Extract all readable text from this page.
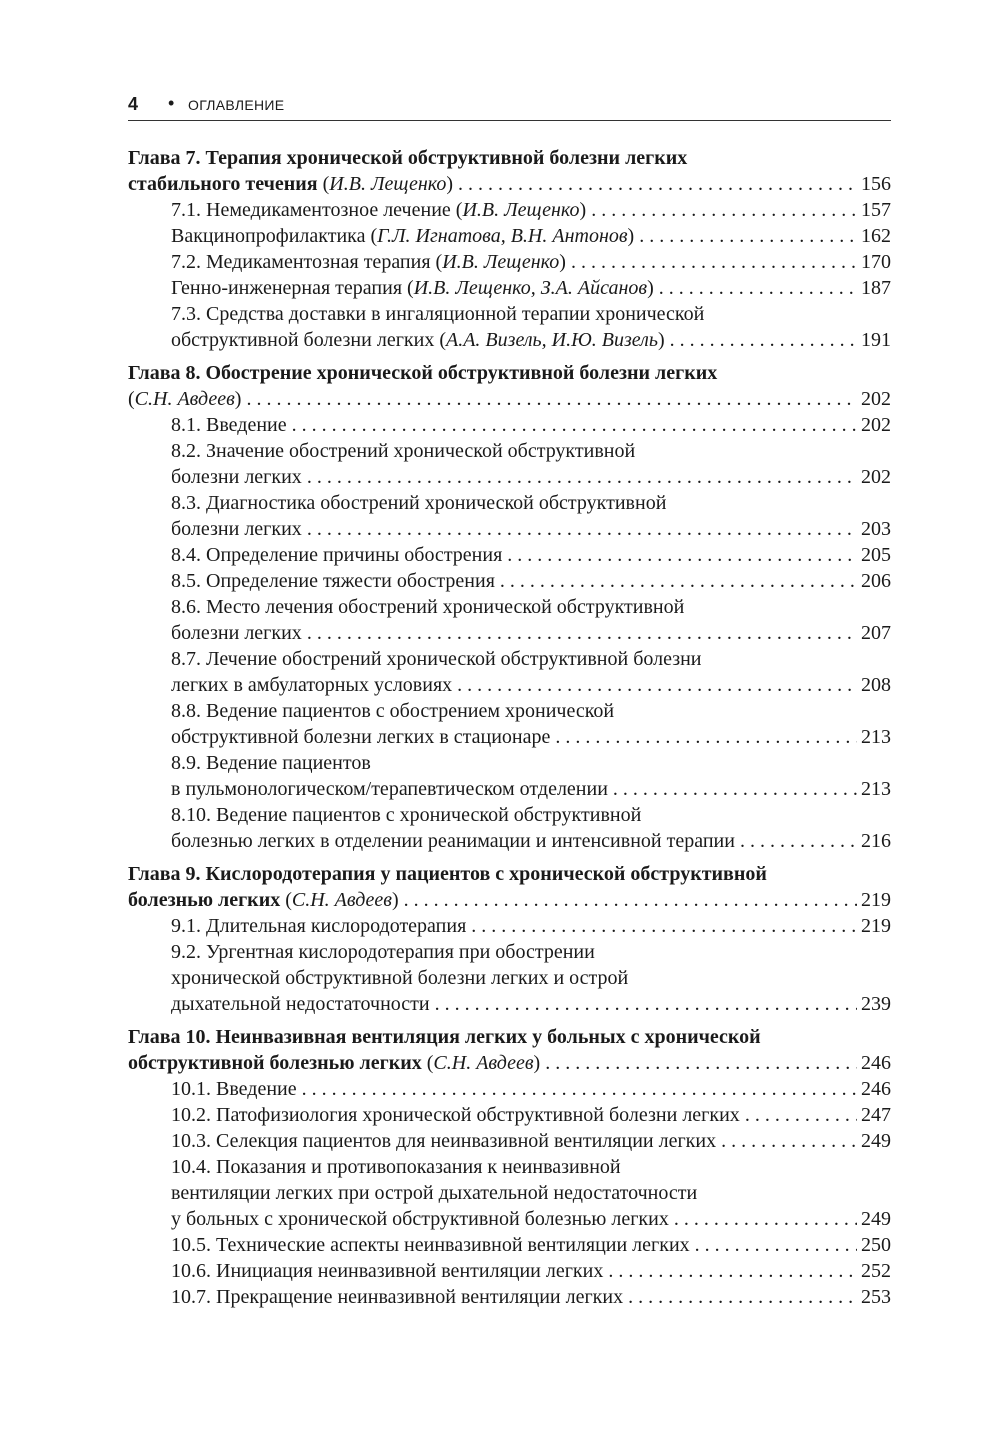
4 • ОГЛАВЛЕНИЕ
Глава 7. Терапия хронической обструктивной болезни легких
стабильного течения (И.В. Лещенко) . . .	156
7.1. Немедикаментозное лечение (И.В. Лещенко) . . .	157
Вакцинопрофилактика (Г.Л. Игнатова, В.Н. Антонов) . . .	162
7.2. Медикаментозная терапия (И.В. Лещенко) . . .	170
Генно-инженерная терапия (И.В. Лещенко, З.А. Айсанов) . . .	187
7.3. Средства доставки в ингаляционной терапии хронической
обструктивной болезни легких (А.А. Визель, И.Ю. Визель) . . .	191
Глава 8. Обострение хронической обструктивной болезни легких
(С.Н. Авдеев) . . .	202
8.1. Введение . . .	202
8.2. Значение обострений хронической обструктивной
болезни легких . . .	202
8.3. Диагностика обострений хронической обструктивной
болезни легких . . .	203
8.4. Определение причины обострения . . .	205
8.5. Определение тяжести обострения . . .	206
8.6. Место лечения обострений хронической обструктивной
болезни легких . . .	207
8.7. Лечение обострений хронической обструктивной болезни
легких в амбулаторных условиях . . .	208
8.8. Ведение пациентов с обострением хронической
обструктивной болезни легких в стационаре . . .	213
8.9. Ведение пациентов
в пульмонологическом/терапевтическом отделении . . .	213
8.10. Ведение пациентов с хронической обструктивной
болезнью легких в отделении реанимации и интенсивной терапии . . .	216
Глава 9. Кислородотерапия у пациентов с хронической обструктивной
болезнью легких (С.Н. Авдеев) . . .	219
9.1. Длительная кислородотерапия . . .	219
9.2. Ургентная кислородотерапия при обострении
хронической обструктивной болезни легких и острой
дыхательной недостаточности . . .	239
Глава 10. Неинвазивная вентиляция легких у больных с хронической
обструктивной болезнью легких (С.Н. Авдеев) . . .	246
10.1. Введение . . .	246
10.2. Патофизиология хронической обструктивной болезни легких . . .	247
10.3. Селекция пациентов для неинвазивной вентиляции легких . . .	249
10.4. Показания и противопоказания к неинвазивной
вентиляции легких при острой дыхательной недостаточности
у больных с хронической обструктивной болезнью легких . . .	249
10.5. Технические аспекты неинвазивной вентиляции легких . . .	250
10.6. Инициация неинвазивной вентиляции легких . . .	252
10.7. Прекращение неинвазивной вентиляции легких . . .	253
